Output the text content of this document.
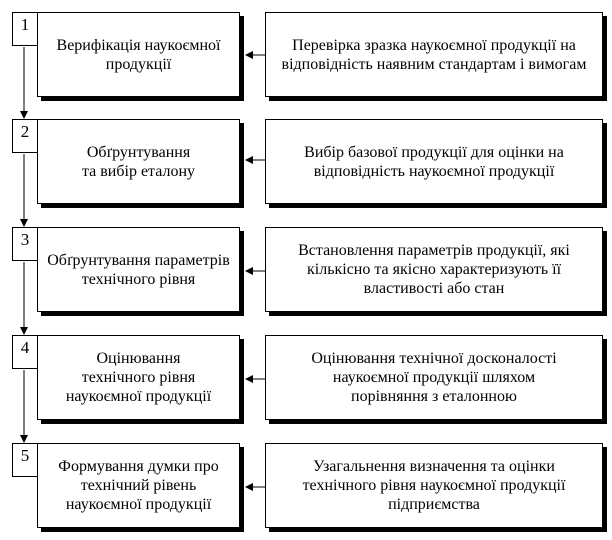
Верифікація наукоємної продукції
1
Перевірка зразка наукоємної продукції на відповідність наявним стандартам і вимогам
Обґрунтування та вибір еталону
2
Вибір базової продукції для оцінки на відповідність наукоємної продукції
Обґрунтування параметрів технічного рівня
3
Встановлення параметрів продукції, які кількісно та якісно характеризують її властивості або стан
Оцінювання технічного рівня наукоємної продукції
4
Оцінювання технічної досконалості наукоємної продукції шляхом порівняння з еталонною
Формування думки про технічний рівень наукоємної продукції
5
Узагальнення визначення та оцінки технічного рівня наукоємної продукції підприємства
